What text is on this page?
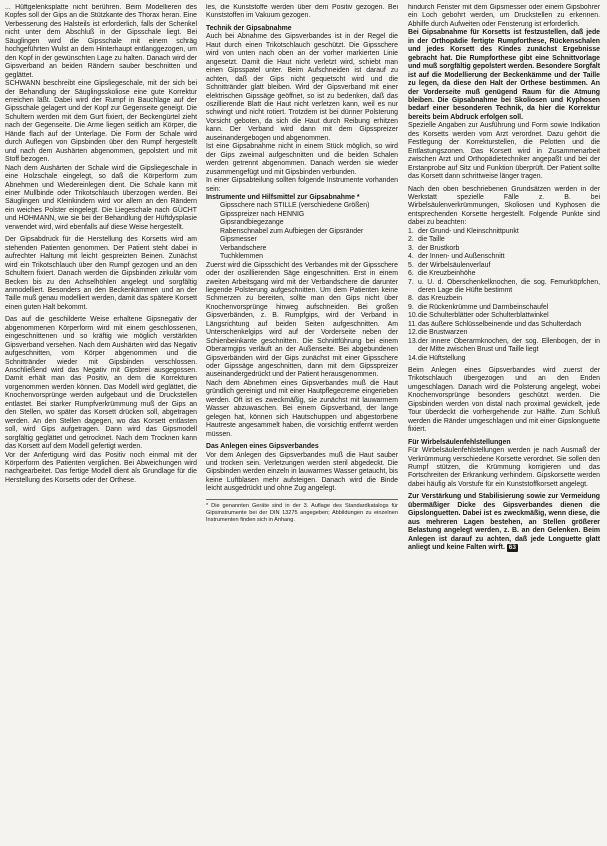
... Hüftgelenksplatte nicht berühren. Beim Modellieren des Kopfes soll der Gips an die Stützkante des Thorax heran. Eine Verbesserung des Halsteils ist erforderlich, falls der Schenkel nicht unter dem Abschluß in der Gipsschale liegt. Bei Säuglingen wird die Gipsschale mit einem schräg hochgeführten Wulst an dem Hinterhaupt entlanggezogen, um den Kopf in der gewünschten Lage zu halten. Danach wird der Gipsverband an beiden Rändern sauber beschnitten und geglättet.

SCHWANN beschreibt eine Gipsliegeschale, mit der sich bei der Behandlung der Säuglingsskoliose eine gute Korrektur erreichen läßt. Dabei wird der Rumpf in Bauchlage auf der Gipsschale gelagert und der Kopf zur Gegenseite geneigt. Die Schultern werden mit dem Gurt fixiert, der Beckengürtel zieht nach der Gegenseite. Die Arme liegen seitlich am Körper, die Hände flach auf der Unterlage. Die Form der Schale wird durch Auflegen von Gipsbinden über den Rumpf hergestellt und nach dem Aushärten abgenommen, gepolstert und mit Stoff bezogen.

Nach dem Aushärten der Schale wird die Gipsliegeschale in eine Holzschale eingelegt, so daß die Körperform zum Abnehmen und Wiedereinlegen dient. Die Schale kann mit einer Mullbinde oder Trikotschlauch überzogen werden. Bei Säuglingen und Kleinkindern wird vor allem an den Rändern ein weiches Polster eingelegt. Die Liegeschale nach GÜCHT und HOHMANN, wie sie bei der Behandlung der Hüftdysplasie verwendet wird, wird ebenfalls auf diese Weise hergestellt.

Der Gipsabdruck für die Herstellung des Korsetts wird am stehenden Patienten genommen. Der Patient steht dabei in aufrechter Haltung mit leicht gespreizten Beinen. Zunächst wird ein Trikotschlauch über den Rumpf gezogen und an den Schultern fixiert. Danach werden die Gipsbinden zirkulär vom Becken bis zu den Achselhöhlen angelegt und sorgfältig anmodelliert. Besonders an den Beckenkämmen und an der Taille muß genau modelliert werden, damit das spätere Korsett einen guten Halt bekommt.

Das auf die geschilderte Weise erhaltene Gipsnegativ der abgenommenen Körperform wird mit einem geschlossenen, eingeschnittenen und so kräftig wie möglich verstärkten Gipsverband versehen. Nach dem Aushärten wird das Negativ aufgeschnitten, vom Körper abgenommen und die Schnittränder wieder mit Gipsbinden verschlossen. Anschließend wird das Negativ mit Gipsbrei ausgegossen. Damit erhält man das Positiv, an dem die Korrekturen vorgenommen werden können. Das Modell wird geglättet, die Knochenvorsprünge werden aufgebaut und die Druckstellen entlastet. Bei starker Rumpfverkrümmung muß der Gips an den Stellen, wo später das Korsett drücken soll, abgetragen werden. An den Stellen dagegen, wo das Korsett entlasten soll, wird Gips aufgetragen. Dann wird das Gipsmodell sorgfältig geglättet und getrocknet. Nach dem Trocknen kann das Korsett auf dem Modell gefertigt werden.

Vor der Anfertigung wird das Positiv noch einmal mit der Körperform des Patienten verglichen. Bei Abweichungen wird nachgearbeitet. Das fertige Modell dient als Grundlage für die Herstellung des Korsetts oder der Orthese.

les, die Kunststoffe werden über dem Positiv gezogen. Bei Kunststoffen im Vakuum gezogen.

Technik der Gipsabnahme

Auch bei Abnahme des Gipsverbandes ist in der Regel die Haut durch einen Trikotschlauch geschützt. Die Gipsschere wird von unten nach oben an der vorher markierten Linie angesetzt. Damit die Haut nicht verletzt wird, schiebt man einen Gipsspatel unter. Beim Aufschneiden ist darauf zu achten, daß der Gips nicht gequetscht wird und die Schnittränder glatt bleiben. Wird der Gipsverband mit einer elektrischen Gipssäge geöffnet, so ist zu bedenken, daß das oszillierende Blatt die Haut nicht verletzen kann, weil es nur schwingt und nicht rotiert. Trotzdem ist bei dünner Polsterung Vorsicht geboten, da sich die Haut durch Reibung erhitzen kann. Der Verband wird dann mit dem Gipsspreizer auseinandergebogen und abgenommen.

Ist eine Gipsabnahme nicht in einem Stück möglich, so wird der Gips zweimal aufgeschnitten und die beiden Schalen werden getrennt abgenommen. Danach werden sie wieder zusammengefügt und mit Gipsbinden verbunden.

In einer Gipsabteilung sollten folgende Instrumente vorhanden sein:

Instrumente und Hilfsmittel zur Gipsabnahme *

Gipsschere nach STILLE (verschiedene Größen)
Gipsspreizer nach HENNIG
Gipsrandbiegezange
Rabenschnabel zum Aufbiegen der Gipsränder
Gipsmesser
Verbandschere
Tuchklemmen

Zuerst wird die Gipsschicht des Verbandes mit der Gipsschere oder der oszillierenden Säge eingeschnitten. Erst in einem zweiten Arbeitsgang wird mit der Verbandschere die darunter liegende Polsterung aufgeschnitten. Um dem Patienten keine Schmerzen zu bereiten, sollte man den Gips nicht über Knochenvorsprünge hinweg aufschneiden. Bei großen Gipsverbänden, z. B. Rumpfgips, wird der Verband in Längsrichtung auf beiden Seiten aufgeschnitten. Am Unterschenkelgips wird auf der Vorderseite neben der Schienbeinkante geschnitten. Die Schnittführung bei einem Oberarmgips verläuft an der Außenseite. Bei abgebundenen Gipsverbänden wird der Gips zunächst mit einer Gipsschere oder Gipssäge angeschnitten, dann mit dem Gipsspreizer auseinandergedrückt und der Patient herausgenommen.

Nach dem Abnehmen eines Gipsverbandes muß die Haut gründlich gereinigt und mit einer Hautpflegecreme eingerieben werden. Oft ist es zweckmäßig, sie zunächst mit lauwarmem Wasser abzuwaschen. Bei einem Gipsverband, der lange gelegen hat, können sich Hautschuppen und abgestorbene Hautreste angesammelt haben, die vorsichtig entfernt werden müssen.

Das Anlegen eines Gipsverbandes

Vor dem Anlegen des Gipsverbandes muß die Haut sauber und trocken sein. Verletzungen werden steril abgedeckt. Die Gipsbinden werden einzeln in lauwarmes Wasser getaucht, bis keine Luftblasen mehr aufsteigen. Danach wird die Binde leicht ausgedrückt und ohne Zug angelegt.

* Die genannten Geräte sind in der 3. Auflage des Standardkatalogs für Gipsinstrumente bei der DIN 13275 angegeben; Abbildungen zu einzelnen Instrumenten finden sich in Anhang.

hindurch Fenster mit dem Gipsmesser oder einem Gipsbohrer ein Loch gebohrt werden, um Druckstellen zu erkennen. Abhilfe durch Aufweiten oder Fensterung ist erforderlich.

Bei Gipsabnahme für Korsetts ist festzustellen, daß jede in der Orthopädie fertigte Rumpforthese, Rückenschalen und jedes Korsett des Kindes zunächst Ergebnisse gebracht hat. Die Rumpforthese gibt eine Schnittvorlage und muß sorgfältig gepolstert werden. Besondere Sorgfalt ist auf die Modellierung der Beckenkämme und der Taille zu legen, da diese den Halt der Orthese bestimmen. An der Vorderseite muß genügend Raum für die Atmung bleiben. Die Gipsabnahme bei Skoliosen und Kyphosen bedarf einer besonderen Technik, da hier die Korrektur bereits beim Abdruck erfolgen soll.

Spezielle Angaben zur Ausführung und Form sowie Indikation des Korsetts werden vom Arzt verordnet. Dazu gehört die Festlegung der Korrekturstellen, die Pelotten und die Entlastungszonen. Das Korsett wird in Zusammenarbeit zwischen Arzt und Orthopädietechniker angepaßt und bei der Erstanprobe auf Sitz und Funktion überprüft. Der Patient sollte das Korsett dann schrittweise länger tragen.

Nach den oben beschriebenen Grundsätzen werden in der Werkstatt spezielle Fälle z. B. bei Wirbelsäulenverkrümmungen, Skoliosen und Kyphosen die entsprechenden Korsette hergestellt. Folgende Punkte sind dabei zu beachten:

1. der Grund- und Kleinschnittpunkt
2. die Taille
3. der Brustkorb
4. der Innen- und Außenschnitt
5. der Wirbelsäulenverlauf
6. die Kreuzbeinhöhe
7. u. U. d. Oberschenkelknochen, die sog. Femurköpfchen, deren Lage die Hüfte bestimmt
8. das Kreuzbein
9. die Rückenkrümme und Darmbeinschaufel
10. die Schulterblätter oder Schulterblattwinkel
11. das äußere Schlüsselbeinende und das Schulterdach
12. die Brustwarzen
13. der innere Oberarmknochen, der sog. Ellenbogen, der in der Mitte zwischen Brust und Taille liegt
14. die Hüftstellung

Beim Anlegen eines Gipsverbandes wird zuerst der Trikotschlauch übergezogen und an den Enden umgeschlagen. Danach wird die Polsterung angelegt, wobei Knochenvorsprünge besonders geschützt werden. Die Gipsbinden werden von distal nach proximal gewickelt, jede Tour überdeckt die vorhergehende zur Hälfte. Zum Schluß werden die Ränder umgeschlagen und mit einer Gipslonguette fixiert.

Für Wirbelsäulenfehlstellungen

Für Wirbelsäulenfehlstellungen werden je nach Ausmaß der Verkrümmung verschiedene Korsette verordnet. Sie sollen den Rumpf stützen, die Krümmung korrigieren und das Fortschreiten der Erkrankung verhindern. Gipskorsette werden dabei häufig als Vorstufe für ein Kunststoffkorsett angelegt.

Zur Verstärkung und Stabilisierung sowie zur Vermeidung übermäßiger Dicke des Gipsverbandes dienen die Gipslonguetten. Dabei ist es zweckmäßig, wenn diese, die aus mehreren Lagen bestehen, an Stellen größerer Belastung angelegt werden, z. B. an den Gelenken. Beim Anlegen ist darauf zu achten, daß jede Longuette glatt anliegt und keine Falten wirft. 63
